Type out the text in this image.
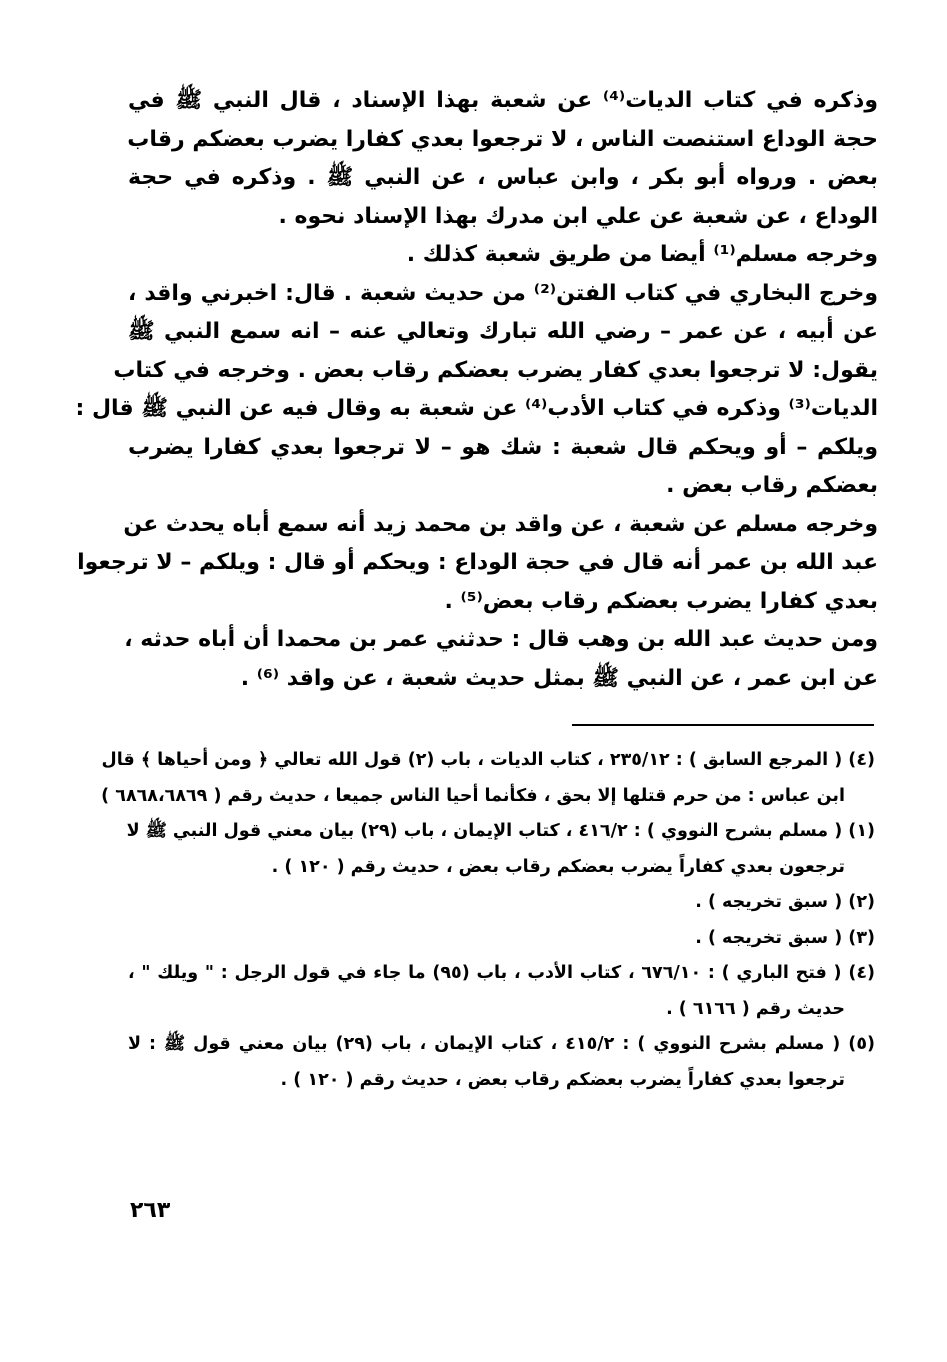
وذكره في كتاب الديات⁽⁴⁾ عن شعبة بهذا الإسناد ، قال النبي ﷺ في
حجة الوداع استنصت الناس ، لا ترجعوا بعدي كفارا يضرب بعضكم رقاب
بعض . ورواه أبو بكر ، وابن عباس ، عن النبي ﷺ . وذكره في حجة
الوداع ، عن شعبة عن علي ابن مدرك بهذا الإسناد نحوه .
وخرجه مسلم⁽¹⁾ أيضا من طريق شعبة كذلك .
وخرج البخاري في كتاب الفتن⁽²⁾ من حديث شعبة . قال: اخبرني واقد ،
عن أبيه ، عن عمر – رضي الله تبارك وتعالي عنه – انه سمع النبي ﷺ
يقول: لا ترجعوا بعدي كفار يضرب بعضكم رقاب بعض . وخرجه في كتاب
الديات⁽³⁾ وذكره في كتاب الأدب⁽⁴⁾ عن شعبة به وقال فيه عن النبي ﷺ قال :
ويلكم – أو ويحكم قال شعبة : شك هو – لا ترجعوا بعدي كفارا يضرب
بعضكم رقاب بعض .
وخرجه مسلم عن شعبة ، عن واقد بن محمد زيد أنه سمع أباه يحدث عن
عبد الله بن عمر أنه قال في حجة الوداع : ويحكم أو قال : ويلكم – لا ترجعوا
بعدي كفارا يضرب بعضكم رقاب بعض⁽⁵⁾ .
ومن حديث عبد الله بن وهب قال : حدثني عمر بن محمدا أن أباه حدثه ،
عن ابن عمر ، عن النبي ﷺ بمثل حديث شعبة ، عن واقد ⁽⁶⁾ .
(٤) ( المرجع السابق ) : ٢٣٥/١٢ ، كتاب الديات ، باب (٢) قول الله تعالي ﴿ ومن أحياها ﴾ قال
ابن عباس : من حرم قتلها إلا بحق ، فكأنما أحيا الناس جميعا ، حديث رقم ( ٦٨٦٨،٦٨٦٩ )
(١) ( مسلم بشرح النووي ) : ٤١٦/٢ ، كتاب الإيمان ، باب (٢٩) بيان معني قول النبي ﷺ لا
ترجعون بعدي كفاراً يضرب بعضكم رقاب بعض ، حديث رقم ( ١٢٠ ) .
(٢) ( سبق تخريجه ) .
(٣) ( سبق تخريجه ) .
(٤) ( فتح الباري ) : ٦٧٦/١٠ ، كتاب الأدب ، باب (٩٥) ما جاء في قول الرجل : " ويلك " ،
حديث رقم ( ٦١٦٦ ) .
(٥) ( مسلم بشرح النووي ) : ٤١٥/٢ ، كتاب الإيمان ، باب (٢٩) بيان معني قول ﷺ : لا
ترجعوا بعدي كفاراً يضرب بعضكم رقاب بعض ، حديث رقم ( ١٢٠ ) .
٢٦٣
